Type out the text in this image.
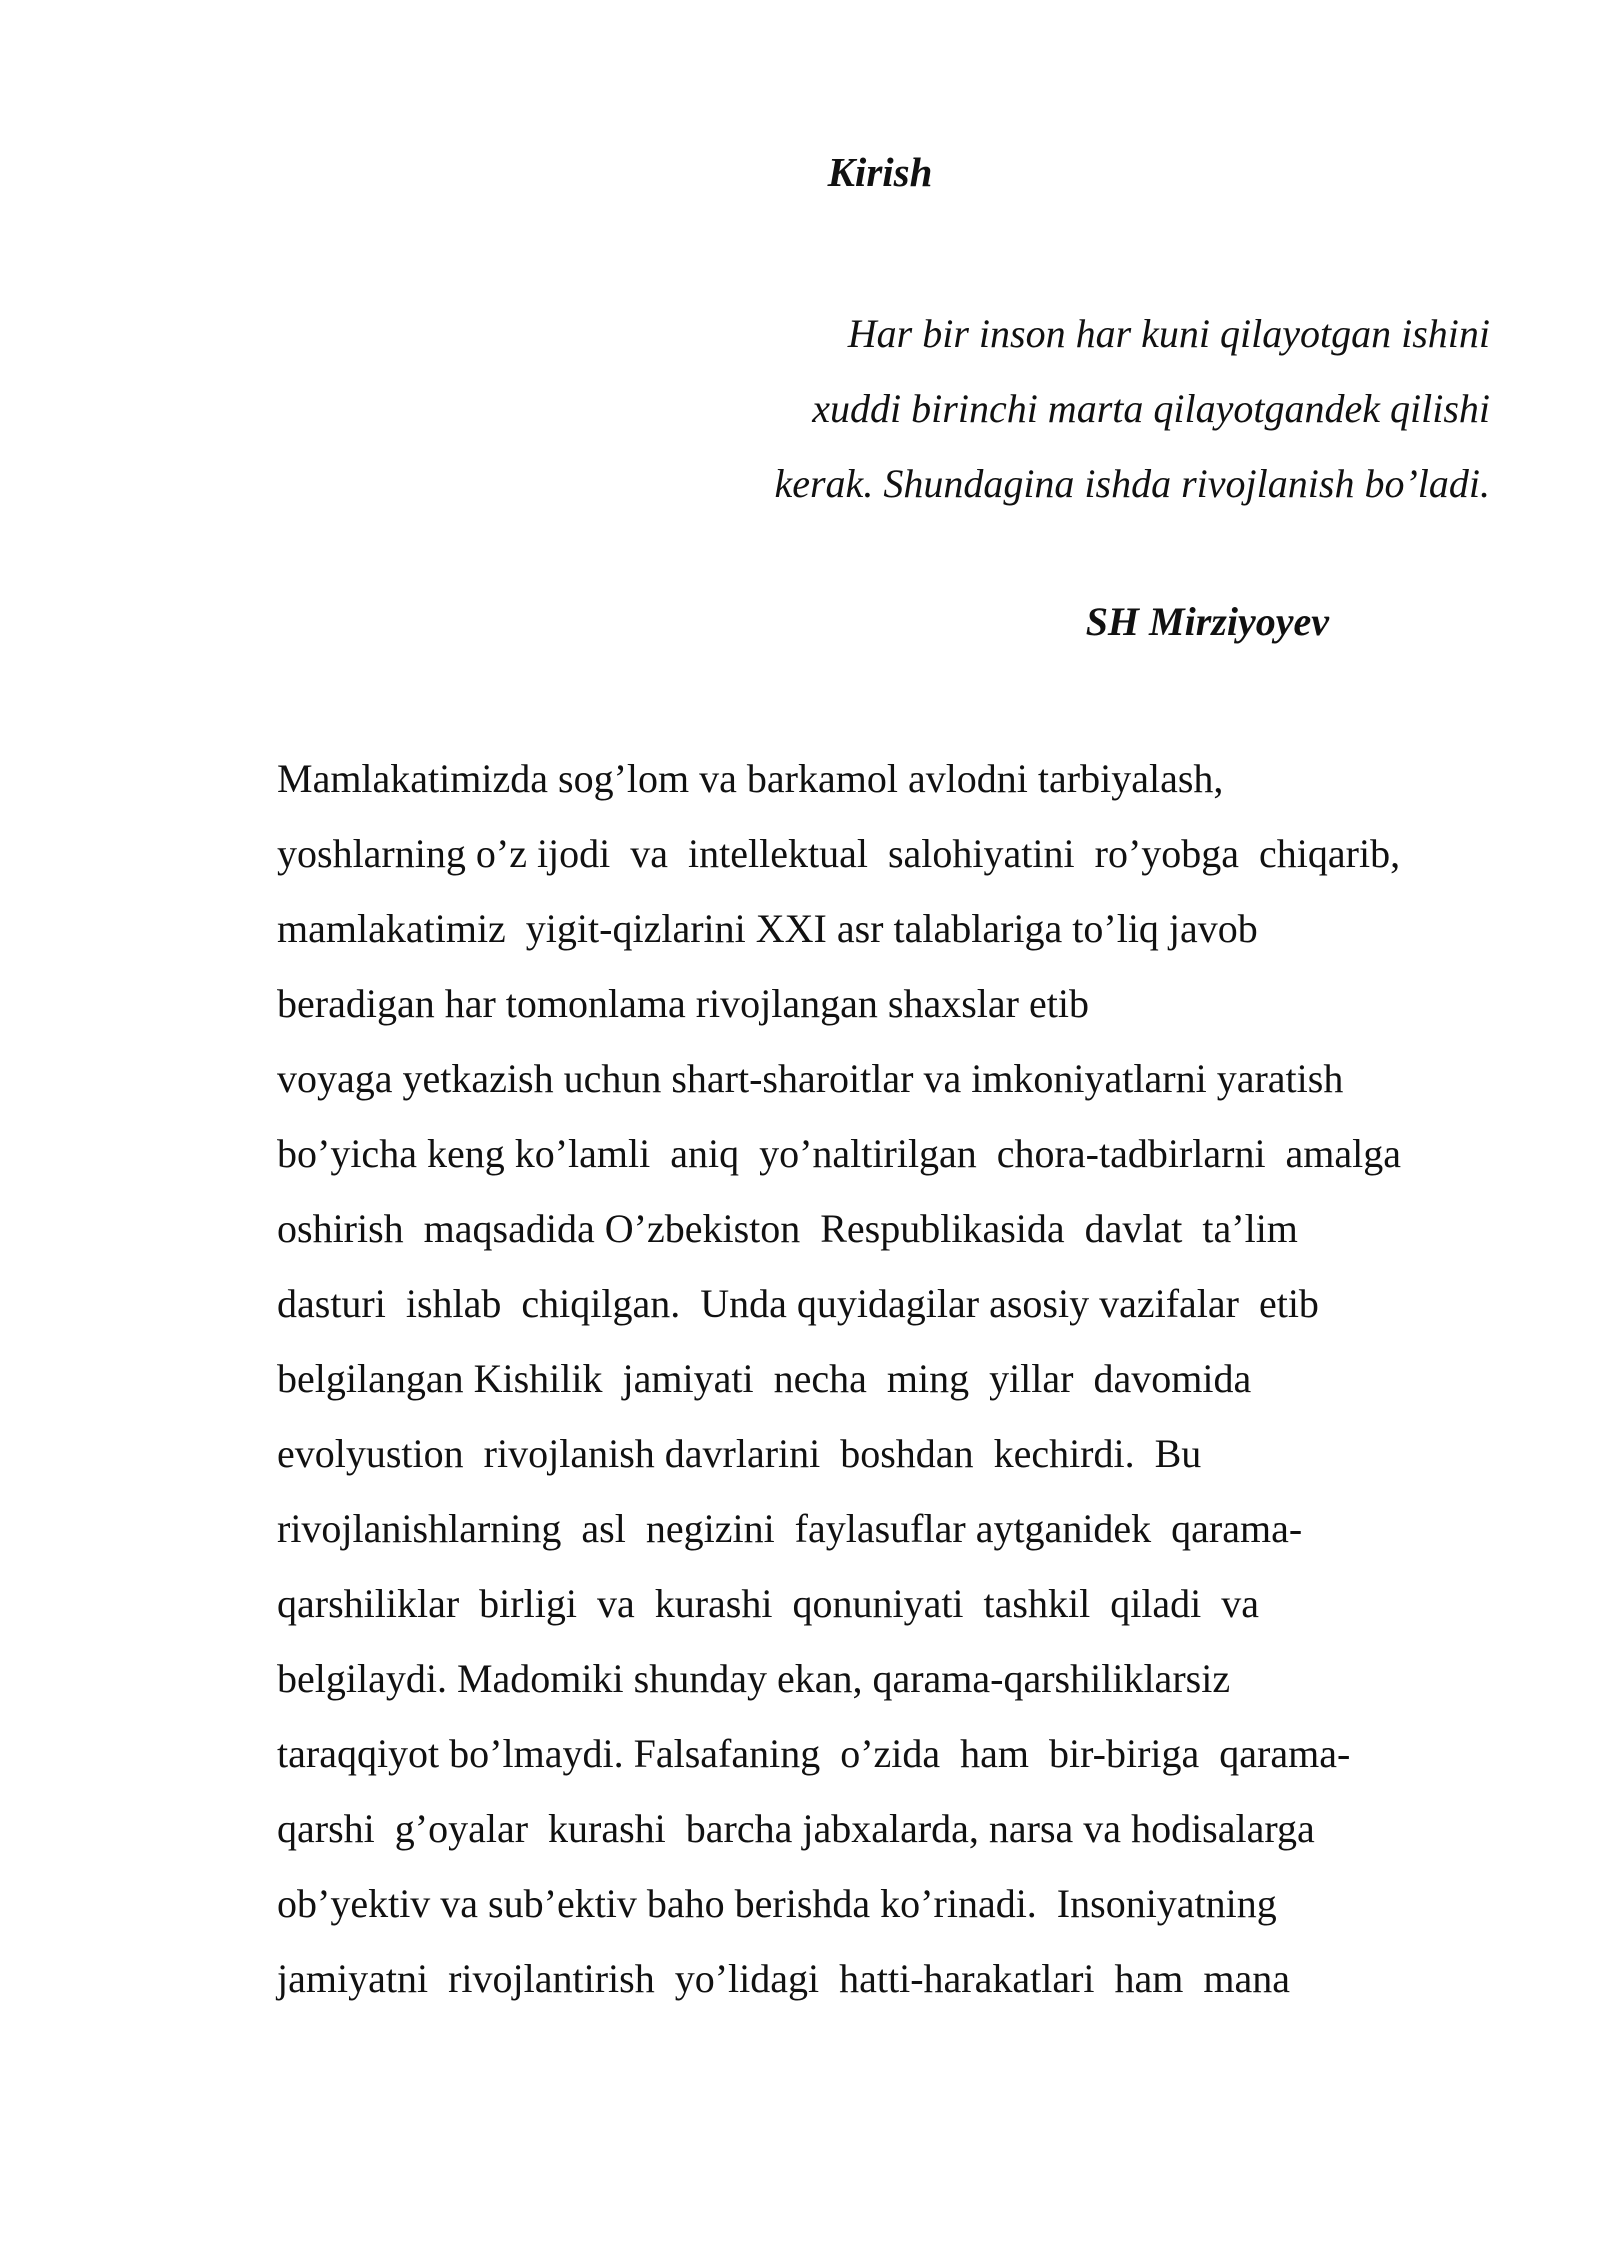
Kirish
Har bir inson har kuni qilayotgan ishini
xuddi birinchi marta qilayotgandek qilishi
kerak. Shundagina ishda rivojlanish bo’ladi.
SH Mirziyoyev
Mamlakatimizda sog’lom va barkamol avlodni tarbiyalash,
yoshlarning o’z ijodi  va  intellektual  salohiyatini  ro’yobga  chiqarib,
mamlakatimiz  yigit-qizlarini XXI asr talablariga to’liq javob
beradigan har tomonlama rivojlangan shaxslar etib
voyaga yetkazish uchun shart-sharoitlar va imkoniyatlarni yaratish
bo’yicha keng ko’lamli  aniq  yo’naltirilgan  chora-tadbirlarni  amalga
oshirish  maqsadida O’zbekiston  Respublikasida  davlat  ta’lim
dasturi  ishlab  chiqilgan.  Unda quyidagilar asosiy vazifalar  etib
belgilangan Kishilik  jamiyati  necha  ming  yillar  davomida
evolyustion  rivojlanish davrlarini  boshdan  kechirdi.  Bu
rivojlanishlarning  asl  negizini  faylasuflar aytganidek  qarama-
qarshiliklar  birligi  va  kurashi  qonuniyati  tashkil  qiladi  va
belgilaydi. Madomiki shunday ekan, qarama-qarshiliklarsiz
taraqqiyot bo’lmaydi. Falsafaning  o’zida  ham  bir-biriga  qarama-
qarshi  g’oyalar  kurashi  barcha jabxalarda, narsa va hodisalarga
ob’yektiv va sub’ektiv baho berishda ko’rinadi.  Insoniyatning
jamiyatni  rivojlantirish  yo’lidagi  hatti-harakatlari  ham  mana
